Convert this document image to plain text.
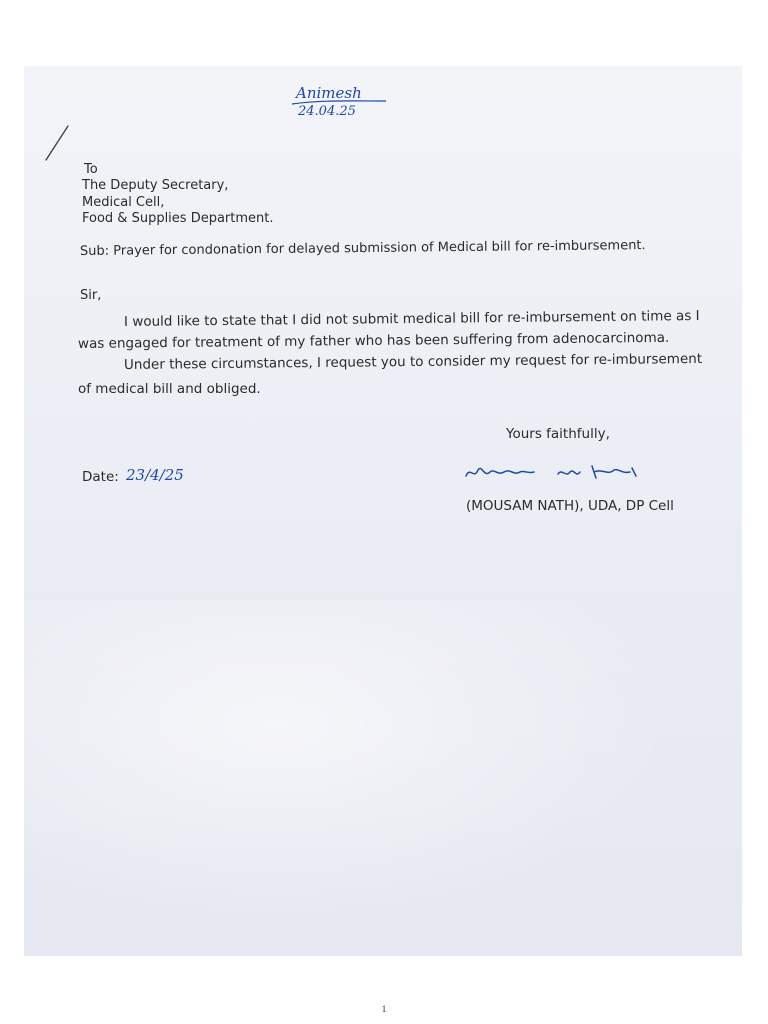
Animesh
24.04.25
To
The Deputy Secretary,
Medical Cell,
Food & Supplies Department.
Sub: Prayer for condonation for delayed submission of Medical bill for re-imbursement.
Sir,
I would like to state that I did not submit medical bill for re-imbursement on time as I
was engaged for treatment of my father who has been suffering from adenocarcinoma.
Under these circumstances, I request you to consider my request for re-imbursement
of medical bill and obliged.
Yours faithfully,
Date: 23/4/25
(MOUSAM NATH), UDA, DP Cell
1
